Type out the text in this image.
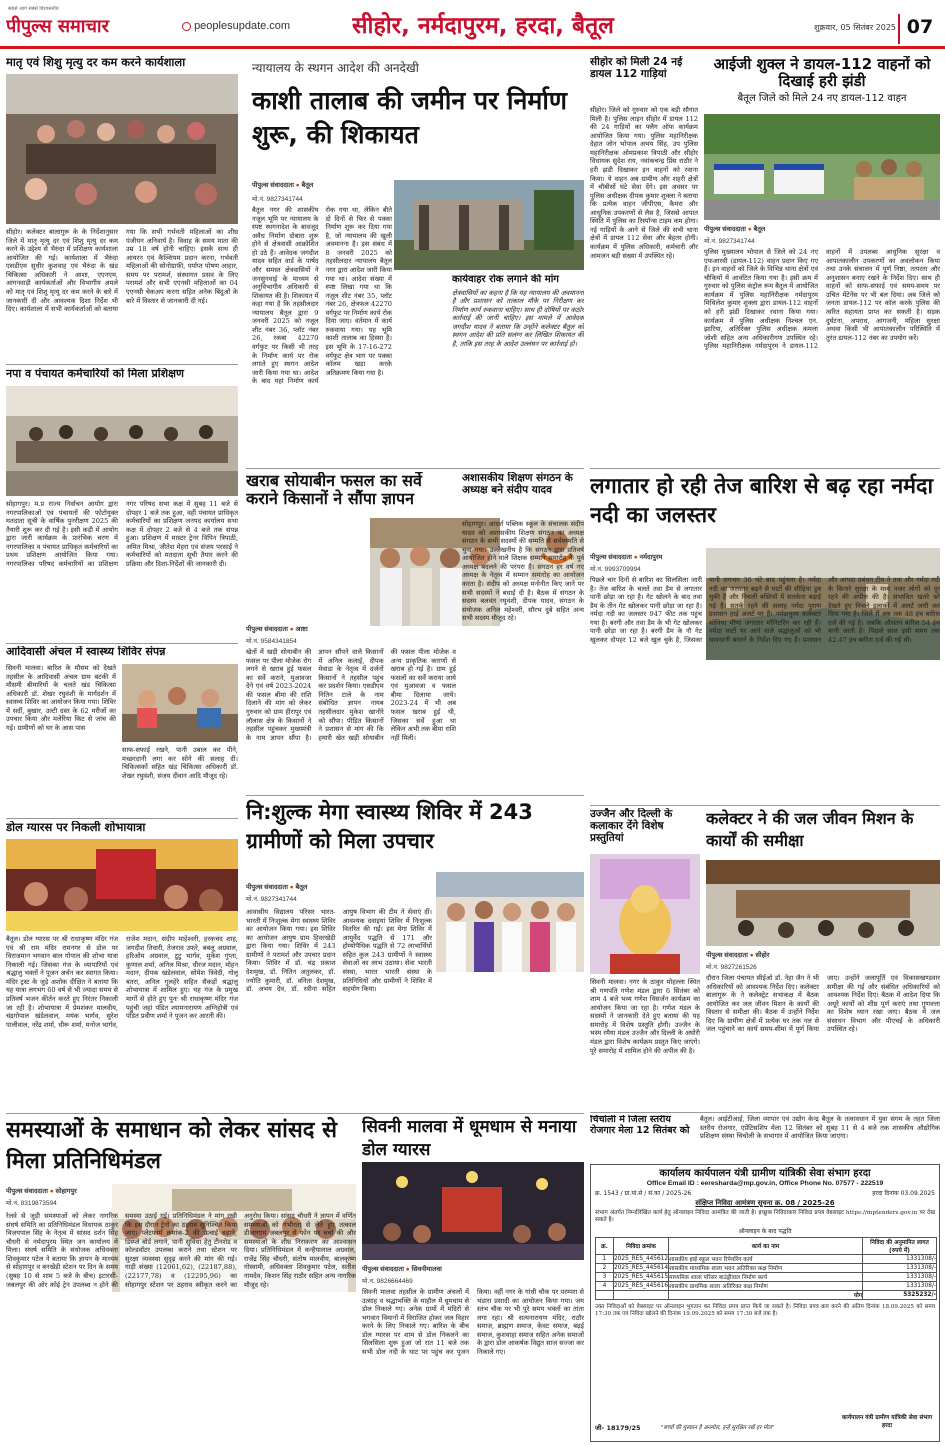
सबसे आगे सबसे विश्वसनीय
पीपुल्स समाचार	peoplesupdate.com	सीहोर, नर्मदापुरम, हरदा, बैतूल	शुक्रवार, 05 सितंबर 2025 07
मातृ एवं शिशु मृत्यु दर कम करने कार्यशाला
सीहोर। कलेक्टर बालागुरू के के निर्देशानुसार जिले में मातृ मृत्यु दर एवं शिशु मृत्यु दर कम करने के उद्देश्य से भैरुंदा में प्रशिक्षण कार्यशाला आयोजित की गई। कार्यशाला में भैरुंदा एसडीएम सुधीर कुशवाह एवं भैरुंदा के खंड चिकित्सा अधिकारी ने आशा, एएनएम, आंगनवाड़ी कार्यकर्ताओं और विभागीय अमले को मातृ एवं शिशु मृत्यु दर कम करने के बारे में जानकारी दी और आवश्यक दिशा निर्देश भी दिए। कार्यशाला में सभी कार्यकर्ताओं को बताया गया कि सभी गर्भवती महिलाओं का शीघ्र पंजीयन अनिवार्य है। विवाह के समय माता की उम्र 18 वर्ष होनी चाहिए। इसके साथ ही आयरन एवं कैल्शियम प्रदान करना, गर्भवती महिलाओं की सोनोग्राफी, पर्याप्त पोषण आहार, समय पर परामर्श, संस्थागत प्रसव के लिए परामर्श और सभी एएनसी महिलाओं का 04 एएनसी चेकअप करना सहित अनेक बिंदुओं के बारे में विस्तार से जानकारी दी गई।
नपा व पंचायत कर्मचारियों को मिला प्रशिक्षण
सोहागपुर। म.प्र राज्य निर्वाचन आयोग द्वारा नगरपालिकाओं एवं पंचायतों की फोटोयुक्त मतदाता सूची के वार्षिक पुनरीक्षण 2025 की तैयारी शुरू कर दी गई है। इसी कड़ी में आयोग द्वारा जारी कार्यक्रम के प्रारंभिक चरण में नगरपालिका व पंचायत प्राधिकृत कर्मचारियों का प्रथम प्रशिक्षण आयोजित किया गया। नगरपालिका परिषद कर्मचारियों का प्रशिक्षण नगर परिषद सभा कक्ष में सुबह 11 बजे से दोपहर 1 बजे तक हुआ, वहीं पंचायत प्राधिकृत कर्मचारियों का प्रशिक्षण जनपद कार्यालय सभा कक्ष में दोपहर 2 बजे से 4 बजे तक संपन्न हुआ। प्रशिक्षण में मास्टर ट्रेनर विपिन त्रिपाठी, अमित मिश्रा, जीतेश मेहरा एवं संजय परसाई ने कर्मचारियों को मतदाता सूची तैयार करने की प्रक्रिया और दिशा-निर्देशों की जानकारी दी।
आदिवासी अंचल में स्वास्थ्य शिविर संपन्न
सिवनी मालवा। बारिश के मौसम को देखते तहसील के आदिवासी अंचल ग्राम बटकी में मौसमी बीमारियों के चलते खंड चिकित्सा अधिकारी डॉ. शेखर रघुवंशी के मार्गदर्शन में स्वास्थ्य शिविर का आयोजन किया गया। शिविर में सर्दी, बुखार, उल्टी दस्त के 62 मरीजों का उपचार किया और मलेरिया किट से जांच की गई। ग्रामीणों को घर के आस पास
साफ-सफाई रखने, पानी उबाल कर पीने, मच्छरदानी लगा कर सोने की सलाह दी। चिकित्सकों सहित खंड चिकित्सा अधिकारी डॉ. शेखर रघुवंशी, संजय दीवान आदि मौजूद रहे।
डोल ग्यारस पर निकली शोभायात्रा
बैतूल। डोल ग्यारस पर श्री राधाकृष्ण मंदिर गंज एवं श्री राम मंदिर रामनगर से डोल पर विराजमान भगवान बाल गोपाल की शोभा यात्रा निकाली गई। जिसका गंज के व्यापारियों एवं श्रद्धालु भक्तों ने पूजन अर्चन कर स्वागत किया। मंदिर ट्रस्ट के जुड़े अशोक दीक्षित ने बताया कि यह यात्रा लगभग 60 वर्ष से भी ज्यादा समय से प्रतिवर्ष भजन कीर्तन करते हुए निरंतर निकाली जा रही है। शोभायात्रा में प्रेमशंकर मालवीय, चंद्रगोपाल खंडेलवाल, मयंक भार्गव, सुरेश पालीवाल, नरेंद्र शर्मा, धीरू शर्मा, मनोज भार्गव, राजेश मदान, संदीप माहेश्वरी, हरकचंद शाह, जगदीश तिवारी, तेजराव उफरे, बबलू अग्रवाल, हरिओम अग्रवाल, टुटु भार्गव, मुकेश गुप्ता, कुणाल शर्मा, अनिल मिश्रा, धीरज मदान, मोहन मदान, दीपक खंडेलवाल, सोमेश त्रिवेदी, गोलू बतरा, अनिल गुलहेरे सहित सैकड़ों श्रद्धालु शोभायात्रा में शामिल हुए। यह गंज के प्रमुख मार्गों से होते हुए पुनः श्री राधाकृष्ण मंदिर गंज पहुंची जहां पंडित श्यामनारायण अग्निहोत्री एवं पंडित प्रवीण शर्मा ने पूजन कर आरती की।
न्यायालय के स्थगन आदेश की अनदेखी
काशी तालाब की जमीन पर निर्माण शुरू, की शिकायत
पीपुल्स संवाददाता ● बैतूल
मो.नं. 9827341744
बैतूल नगर की शासकीय नजूल भूमि पर न्यायालय के स्पष्ट स्थगनादेश के बावजूद अवैध निर्माण दोबारा शुरू होने से क्षेत्रवासी आक्रोशित हो उठे हैं। आवेदक जगदीश यादव सहित वार्ड के पार्षद और समस्त क्षेत्रवासियों ने जनसुनवाई के माध्यम से अनुविभागीय अधिकारी से शिकायत की है। शिकायत में कहा गया है कि तहसीलदार न्यायालय बैतूल द्वारा 9 जनवरी 2025 को नजूल शीट नंबर 36, प्लॉट नंबर 26, रकबा 42270 वर्गफुट पर किसी भी तरह के निर्माण कार्य पर रोक लगाते हुए स्थगन आदेश जारी किया गया था। आदेश के बाद यहां निर्माण कार्य रोक गया था, लेकिन बीते दो दिनों से फिर से पक्का निर्माण शुरू कर दिया गया है, जो न्यायालय की खुली अवमानना है। इस संबंध में 8 जनवरी 2025 को तहसीलदार न्यायालय बैतूल नगर द्वारा आदेश जारी किया गया था। आदेश संख्या में स्पष्ट लिखा गया था कि नजूल शीट नंबर 35, प्लॉट नंबर 26, क्षेत्रफल 42270 वर्गफुट पर निर्माण कार्य रोक दिया जाए। वर्तमान में कार्य रुकवाया गया। यह भूमि काशी तालाब का हिस्सा है। इस भूमि के 17-16-272 वर्गफुट क्षेत्र भाग पर पक्का कॉलम खड़ा करके अतिक्रमण किया गया है।
कार्यवाहर रोक लगाने की मांग
क्षेत्रवासियों का कहना है कि यह न्यायालय की अवमानना है और प्रशासन को तत्काल मौके पर निरीक्षण कर निर्माण कार्य रुकवाना चाहिए। साथ ही दोषियों पर कठोर कार्रवाई की जानी चाहिए। इस मामले में आवेदक जगदीश यादव ने बताया कि उन्होंने कलेक्टर बैतूल को स्थगन आदेश की प्रति सलंग्न कर लिखित शिकायत की है, ताकि इस तरह के आदेश उल्लंघन पर कार्रवाई हो।
खराब सोयाबीन फसल का सर्वे कराने किसानों ने सौंपा ज्ञापन
पीपुल्स संवाददाता ● आष्टा
मो.नं. 9584341854
खेतों में खड़ी सोयाबीन की फसल पर पीला मोजेक रोग लगने से खराब हुई फसल का सर्वे कराने, मुआवजा देने एवं वर्ष 2023-2024 की फसल बीमा की राशि दिलाने की मांग को लेकर गुरुवार को ग्राम हीरापुर एवं लौलास क्षेत्र के किसानों ने तहसील पहुंचकर मुख्यमंत्री के नाम ज्ञापन सौंपा है। ज्ञापन सौंपने वाले किसानों में अनिल कलाई, दीपक मेवाडा के नेतृत्व में दर्जनों किसानों ने तहसील पहुंच कर प्रदर्शन किया। एसडीएम नितिन टाले के नाम संबोधित ज्ञापन नायब तहसीलदार मुकेश खानोरे को सौंपा। पीड़ित किसानों ने प्रशासन से मांग की कि हमारी खेत खड़ी सोयाबीन की फसल पीला मोजेक व अन्य प्राकृतिक कारणों से खराब हो गई है। ग्राम हुई फसलों का सर्वे कराया जाये एवं मुआवजा व फसल बीमा दिलाया जाये। 2023-24 में भी अब फसल खराब हुई थी, जिसका सर्वे हुआ था लेकिन अभी तक बीमा राशि नहीं मिली।
अशासकीय शिक्षण संगठन के अध्यक्ष बने संदीप यादव
सोहागपुर। आदर्श पब्लिक स्कूल के संचालक संदीप यादव को अशासकीय शिक्षण संगठन का अध्यक्ष संगठन के सभी सदस्यों की सम्मति से सर्वसम्मति से चुना गया। उल्लेखनीय है कि संगठन द्वारा प्रतिवर्ष आयोजित होने वाले शिक्षक सम्मान समारोह के पूर्व अध्यक्ष बदलने की परंपरा है। संगठन हर वर्ष नए अध्यक्ष के नेतृत्व में सम्मान समारोह का आयोजन करता है। संदीप को अध्यक्ष मनोनीत किए जाने पर सभी सदस्यों ने बधाई दी है। बैठक में संगठन के सदस्य बलवंत रघुवंशी, दीपक यादव, संगठन के संयोजक अनिल महेश्वरी, सौरभ दुबे सहित अन्य सभी सदस्य मौजूद रहे।
नि:शुल्क मेगा स्वास्थ्य शिविर में 243 ग्रामीणों को मिला उपचार
पीपुल्स संवाददाता ● बैतूल
मो.नं. 9827341744
आवासीय विद्यालय परिसर भारत-भारती में निःशुल्क मेगा स्वास्थ्य शिविर का आयोजन किया गया। इस शिविर का आयोजन आयुष ग्राम हिवरखेड़ी द्वारा किया गया। शिविर में 243 ग्रामीणों ने परामर्श और उपचार प्रदान किया। शिविर में डॉ. चंद्र प्रकाश देशमुख, डॉ. नितिन अतुलकर, डॉ. ज्योति कुमारी, डॉ. वनिता देशमुख, डॉ. अभय देव, डॉ. रवीना सहित आयुष विभाग की टीम ने सेवाएं दीं। आवश्यक दवाइयां शिविर में निःशुल्क वितरित की गईं। इस मेगा शिविर में आयुर्वेद पद्धति से 171 और होम्योपैथिक पद्धति से 72 लाभार्थियों सहित कुल 243 ग्रामीणों ने स्वास्थ्य सेवाओं का लाभ उठाया। सेवा भारती संस्था, भारत भारती संस्था के प्रतिनिधियों और ग्रामीणों ने शिविर में सहयोग किया।
समस्याओं के समाधान को लेकर सांसद से मिला प्रतिनिधिमंडल
पीपुल्स संवाददाता ● सोहागपुर
मो.नं. 8319873594
रेलवे से जुड़ी समस्याओं को लेकर नागरिक संघर्ष समिति का प्रतिनिधिमंडल विधायक ठाकुर विजयपाल सिंह के नेतृत्व में सांसद दर्शन सिंह चौधरी से नर्मदापुरम स्थित जन कार्यालय में मिला। संघर्ष समिति के संयोजक अधिवक्ता शिवकुमार पटेल ने बताया कि ज्ञापन के माध्यम से सोहागपुर व बनखेड़ी स्टेशन पर दिन के समय (सुबह 10 से शाम 5 बजे के बीच) इटारसी-जबलपुर की ओर कोई ट्रेन उपलब्ध न होने की समस्या उठाई गई। प्रतिनिधिमंडल ने मांग रखी कि इस दौरान ट्रेनों का ठहराव सुनिश्चित किया जाए। प्लेटफार्म क्रमांक-2 की ऊंचाई बढ़ाने, डिस्प्ले बोर्ड लगाने, पानी सुविधा हेतु टीनशेड व कोल्डवॉटर उपलब्ध कराने तथा स्टेशन पर सुरक्षा व्यवस्था सुदृढ़ करने की मांग की गई। गाड़ी संख्या (12061,62), (22187,88), (22177,78) व (12295,96) का सोहागपुर स्टेशन पर ठहराव स्वीकृत करने का अनुरोध किया। सांसद चौधरी ने ज्ञापन में वर्णित समस्याओं को गंभीरता से लेते हुए तत्काल डीआरएम जबलपुर से फोन पर चर्चा की और समस्याओं के शीघ्र निराकरण का आश्वासन दिया। प्रतिनिधिमंडल में कन्हैयालाल अग्रवाल, राजेंद्र सिंह चौधरी, संतोष मालवीय, बालकृष्ण गोस्वामी, अधिवक्ता शिवकुमार पटेल, सतीश नामदेव, किशन सिंह राठौर सहित अन्य नागरिक मौजूद रहे।
सिवनी मालवा में धूमधाम से मनाया डोल ग्यारस
पीपुल्स संवाददाता ● सिवनीमालवा
मो.नं. 9826664469
सिवनी मालवा तहसील के ग्रामीण अंचलों में उत्साह व श्रद्धाभक्ति के माहौल में धूमधाम से डोल निकाले गए। अनेक ग्रामों में मंदिरों से भगवान विमानों में विराजित होकर जल विहार करने के लिए निकाले गए। बारिश के बीच डोल ग्यारस पर शाम से डोल निकलने का सिलसिला शुरू हुआ जो रात 11 बजे तक सभी डोल नदी के घाट पर पहुंच कर पूजन किया। वहीं नगर के गांधी चौक पर परम्परा से भंडारा प्रसादी का आयोजन किया गया। जय स्तंभ चौक पर भी पूरे समय भक्तों का तांता लगा रहा। श्री सत्यनारायण मंदिर, राठौर समाज, ब्राह्मण समाज, केवट समाज, बढ़ई समाज, कुशवाहा समाज सहित अनेक समाजों के द्वारा डोल आकर्षक विद्युत साज सज्जा कर निकाले गए।
सीहोर को मिली 24 नई डायल 112 गाड़ियां
सीहोर। जिले को गुरुवार को एक बड़ी सौगात मिली है। पुलिस लाइन सीहोर में डायल 112 की 24 गाड़ियों का फ्लैग ऑफ कार्यक्रम आयोजित किया गया। पुलिस महानिरीक्षक देहात जोन भोपाल अभय सिंह, उप पुलिस महानिरीक्षक ओमप्रकाश त्रिपाठी और सीहोर विधायक सुदेश राय, नवांकचन्द्र प्रिंस राठौर ने हरी झंडी दिखाकर इन वाहनों को रवाना किया। ये वाहन अब ग्रामीण और शहरी क्षेत्रों में चौबीसों घंटे सेवा देंगे। इस अवसर पर पुलिस अधीक्षक दीपक कुमार शुक्ला ने बताया कि प्रत्येक वाहन जीपीएस, कैमरा और आधुनिक उपकरणों से लैस है, जिससे आपात स्थिति में पुलिस का रिस्पॉन्स टाइम कम होगा। नई गाड़ियों के आने से जिले की सभी थाना क्षेत्रों में डायल 112 सेवा और बेहतर होगी। कार्यक्रम में पुलिस अधिकारी, कर्मचारी और आमजन बड़ी संख्या में उपस्थित रहे।
आईजी शुक्ल ने डायल-112 वाहनों को दिखाई हरी झंडी
बैतूल जिले को मिले 24 नए डायल-112 वाहन
पीपुल्स संवाददाता ● बैतूल
मो.नं. 9827341744
पुलिस मुख्यालय भोपाल से जिले को 24 नए एफआरवी (डायल-112) वाहन प्रदान किए गए हैं। इन वाहनों को जिले के विभिन्न थाना क्षेत्रों एवं चौकियों में आवंटित किया गया है। इसी क्रम में गुरुवार को पुलिस कंट्रोल रूम बैतूल में आयोजित कार्यक्रम में पुलिस महानिरीक्षक नर्मदापुरम मिथिलेश कुमार शुक्ला द्वारा डायल-112 वाहनों को हरी झंडी दिखाकर रवाना किया गया। कार्यक्रम में पुलिस अधीक्षक निश्चल एन. झारिया, अतिरिक्त पुलिस अधीक्षक कमला जोशी सहित अन्य अधिकारीगण उपस्थित रहे। पुलिस महानिरीक्षक नर्मदापुरम ने डायल-112 वाहनों में उपलब्ध आधुनिक सुरक्षा व आपातकालीन उपकरणों का अवलोकन किया तथा उनके संचालन में पूर्ण निष्ठा, तत्परता और अनुशासन बनाए रखने के निर्देश दिए। साथ ही वाहनों को साफ-सफाई एवं समय-समय पर उचित मेंटेनेंस पर भी बल दिया। अब जिले को जनता डायल-112 पर कॉल करके पुलिस की त्वरित सहायता प्राप्त कर सकती है। सड़क दुर्घटना, अपराध, आगजनी, महिला सुरक्षा अथवा किसी भी आपातकालीन परिस्थिति में तुरंत डायल-112 नंबर का उपयोग करें।
लगातार हो रही तेज बारिश से बढ़ रहा नर्मदा नदी का जलस्तर
पीपुल्स संवाददाता ● नर्मदापुरम
मो.नं. 9993709994
पिछले चार दिनों से बारिश का सिलसिला जारी है। तेज बारिश के चलते तवा डैम से लगातार पानी छोड़ा जा रहा है। गेट खोलने के बाद तवा डैम के तीन गेट खोलकर पानी छोड़ा जा रहा है। नर्मदा नदी का जलस्तर 947 फीट तक पहुंच गया है। बरगी और तवा डैम के भी गेट खोलकर पानी छोड़ा जा रहा है। बरगी डैम के नौ गेट खुलकर दोपहर 12 बजे खुल चुके है, जिसका पानी लगभग 36 घंटे बाद पहुंचता है। नर्मदा नदी का जलस्तर बढ़ने से घाटों की सीढ़ियां डूब चुकी हैं और निचली बस्तियों में सतर्कता बढ़ाई गई है। सतर्क रहने की सलाह नर्मदा पुराण प्रशासन हाई अलर्ट पर है। नर्मदापुरम कलेक्टर सोनिया मीणा लगातार मॉनिटरिंग कर रही हैं। नर्मदा घाटों पर आने वाले श्रद्धालुओं को भी सावधानी बरतने के निर्देश दिए गए हैं। प्रशासन और आपदा प्रबंधन टीम ने तवा और नर्मदा नदी के किनारे सुरक्षा के मध्य नजर लोगों को दूर रहने की अपील की है। संभावित खतरे को देखते हुए निचले इलाकों में अलर्ट जारी कर दिया गया है। जिले में अब तक 48 इंच बारिश दर्ज की गई है। जबकि औसतन बारिश 54 इंच मानी जाती है। पिछले साल इसी समय तक 42.47 इंच बारिश दर्ज की गई थी।
उज्जैन और दिल्ली के कलाकार देंगे विशेष प्रस्तुतियां
सिवनी मालवा। नगर के ठाकुर मोहल्ला स्थित श्री गणपति गणेश मंडल द्वारा 6 सितंबर को शाम 4 बजे भव्य गणेश विसर्जन कार्यक्रम का आयोजन किया जा रहा है। गणेश मंडल के सदस्यों ने जानकारी देते हुए बताया की यह समारोह में विशेष प्रस्तुति होगी। उज्जैन के भस्म रमैया मंडल उज्जैन और दिल्ली के अघोरी मंडल द्वारा विशेष कार्यक्रम प्रस्तुत किए जाएंगे। पूरे समारोह में शामिल होने की अपील की है।
कलेक्टर ने की जल जीवन मिशन के कार्यों की समीक्षा
पीपुल्स संवाददाता ● सीहोर
मो.नं. 9827261526
दौरान जिला पंचायत सीईओ डॉ. नेहा जैन ने भी अधिकारियों को आवश्यक निर्देश दिए। कलेक्टर बालागुरू के ने कलेक्ट्रेट सभाकक्ष में बैठक आयोजित कर जल जीवन मिशन के कार्यों की विस्तार से समीक्षा की। बैठक में उन्होंने निर्देश दिए कि ग्रामीण क्षेत्रों में प्रत्येक घर तक नल से जल पहुंचाने का कार्य समय-सीमा में पूर्ण किया जाए। उन्होंने जलापूर्ति एवं विकासखण्डवार समीक्षा की गई और संबंधित अधिकारियों को आवश्यक निर्देश दिए। बैठक में आदेश दिया कि अधूरे कार्यों को शीघ्र पूर्ण कराएं तथा गुणवत्ता का विशेष ध्यान रखा जाए। बैठक में जल संसाधन विभाग और पीएचई के अधिकारी उपस्थित रहे।
चिचोली में जिला स्तरीय रोजगार मेला 12 सितंबर को
बैतूल। आईटीआई, जिला व्यापार एवं उद्योग केन्द्र बैतूल के तत्वावधान में युवा संगम के तहत जिला स्तरीय रोजगार, एप्रेंटिसशिप मेला 12 सितंबर को सुबह 11 से 4 बजे तक शासकीय औद्योगिक प्रशिक्षण संस्था चिचोली के सभागार में आयोजित किया जाएगा।
कार्यालय कार्यपालन यंत्री ग्रामीण यांत्रिकी सेवा संभाग हरदा
Office Email ID : eeresharda@mp.gov.in, Office Phone No. 07577 - 222519
क्र. 1543 / ग्रा.यां.से / सं.का / 2025-26	हरदा दिनांक 03.09.2025
संक्षिप्त निविदा आमंत्रण सूचना क्र. 08 / 2025-26
संभाग अंतर्गत निम्नलिखित कार्य हेतु ऑनलाइन निविदा आमंत्रित की जाती है। इच्छुक निविदाकार निविदा प्रपत्र वेबसाइट https://mptenders.gov.in पर देख सकते है।
ऑनलाइन के बाद पद्धति
क्र.	निविदा क्रमांक	कार्य का नाम	निविदा की अनुमानित लागत (रुपये में)
1	2025_RES_445612	शासकीय हाई स्कूल भवन रिपेयरिंग कार्य	1331308/-
2	2025_RES_445614	शासकीय माध्यमिक शाला भवन अतिरिक्त कक्ष निर्माण	1331308/-
3	2025_RES_445615	माध्यमिक शाला परिसर बाउंड्रीवाल निर्माण कार्य	1331308/-
4	2025_RES_445616	शासकीय प्राथमिक शाला अतिरिक्त कक्ष निर्माण	1331308/-
		योग	5325232/-
उक्त निविदाओं को वेबसाइट पर ऑनलाइन भुगतान कर निविदा प्रपत्र प्राप्त किये जा सकते है। निविदा प्रपत्र क्रय करने की अंतिम दिनांक 18.09.2025 को समय 17:30 तक एवं निविदा खोलने की दिनांक 19.09.2025 को समय 17:30 बजे तक है।
जी- 18179/25	"बच्चों की मुस्कान है अनमोल, इन्हें सुरक्षित रखें हर मोल"
कार्यपालन यंत्री ग्रामीण यांत्रिकी सेवा संभाग हरदा
